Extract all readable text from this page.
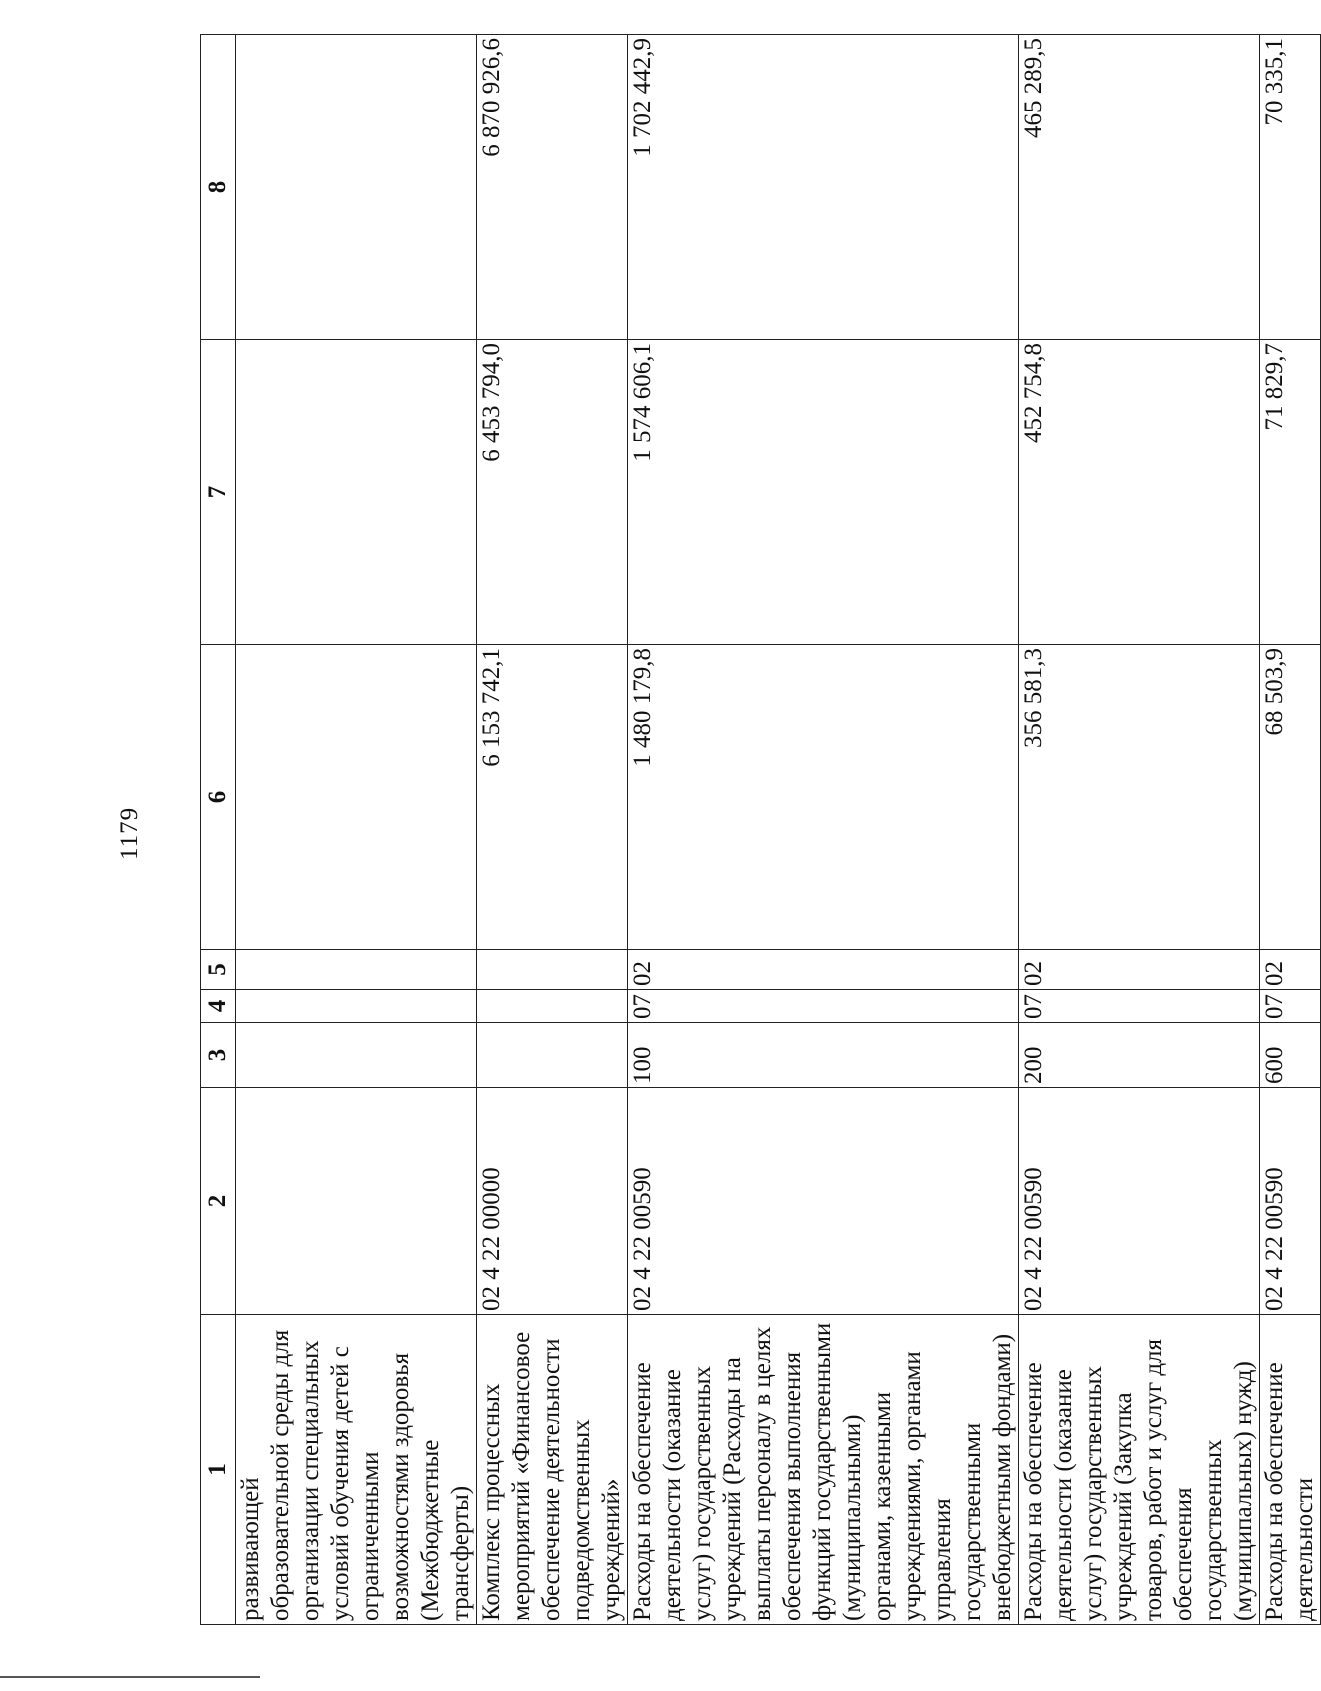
1179
1	2	3	4	5	6	7	8
развивающей образовательной среды для организации специальных условий обучения детей с ограниченными возможностями здоровья (Межбюджетные трансферты)							
Комплекс процессных мероприятий «Финансовое обеспечение деятельности подведомственных учреждений»	02 4 22 00000				6 153 742,1	6 453 794,0	6 870 926,6
Расходы на обеспечение деятельности (оказание услуг) государственных учреждений (Расходы на выплаты персоналу в целях обеспечения выполнения функций государственными (муниципальными) органами, казенными учреждениями, органами управления государственными внебюджетными фондами)	02 4 22 00590	100	07	02	1 480 179,8	1 574 606,1	1 702 442,9
Расходы на обеспечение деятельности (оказание услуг) государственных учреждений (Закупка товаров, работ и услуг для обеспечения государственных (муниципальных) нужд)	02 4 22 00590	200	07	02	356 581,3	452 754,8	465 289,5
Расходы на обеспечение деятельности	02 4 22 00590	600	07	02	68 503,9	71 829,7	70 335,1
